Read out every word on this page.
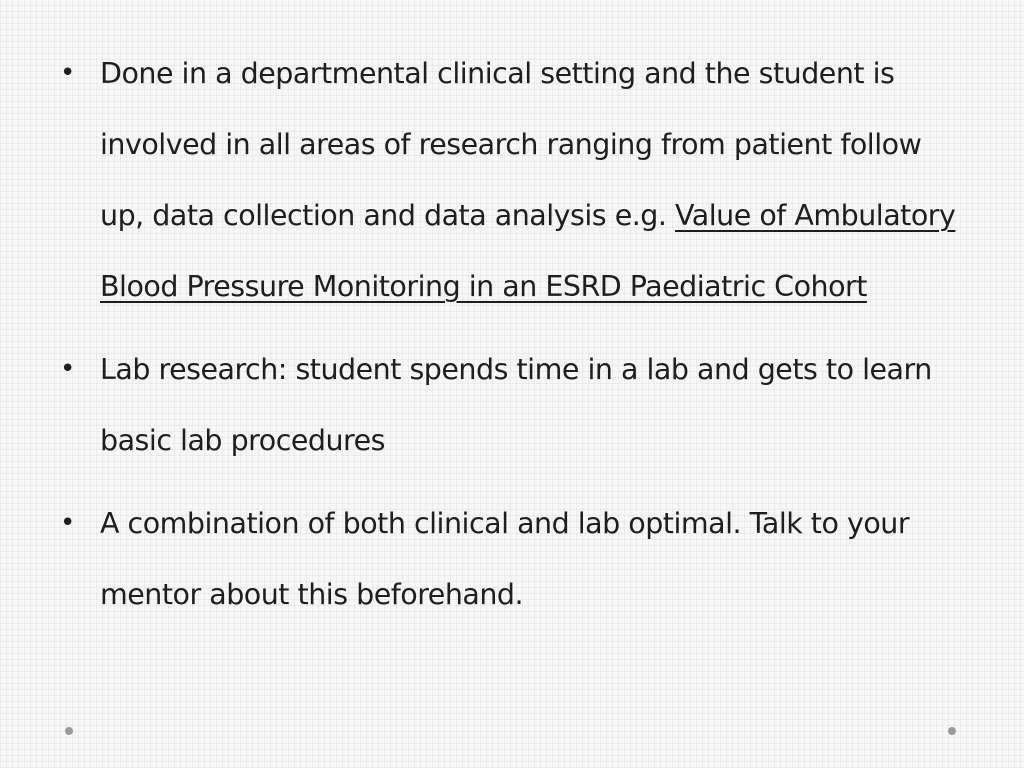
• Done in a departmental clinical setting and the student is involved in all areas of research ranging from patient follow up, data collection and data analysis e.g. Value of Ambulatory Blood Pressure Monitoring in an ESRD Paediatric Cohort
• Lab research: student spends time in a lab and gets to learn basic lab procedures
• A combination of both clinical and lab optimal. Talk to your mentor about this beforehand.
